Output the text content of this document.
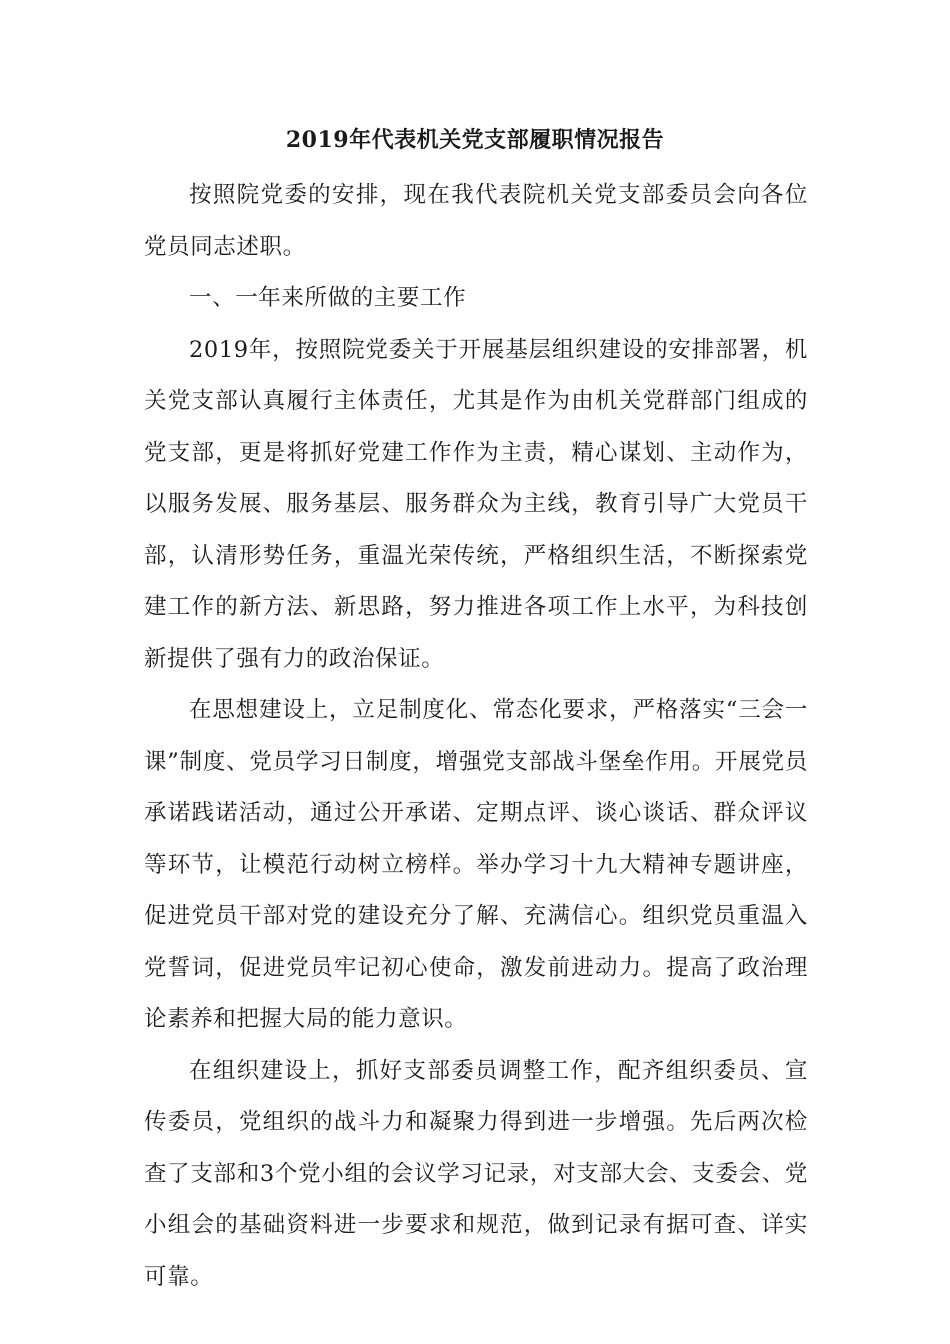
2019年代表机关党支部履职情况报告

按照院党委的安排，现在我代表院机关党支部委员会向各位党员同志述职。

一、一年来所做的主要工作

2019年，按照院党委关于开展基层组织建设的安排部署，机关党支部认真履行主体责任，尤其是作为由机关党群部门组成的党支部，更是将抓好党建工作作为主责，精心谋划、主动作为，以服务发展、服务基层、服务群众为主线，教育引导广大党员干部，认清形势任务，重温光荣传统，严格组织生活，不断探索党建工作的新方法、新思路，努力推进各项工作上水平，为科技创新提供了强有力的政治保证。

在思想建设上，立足制度化、常态化要求，严格落实“三会一课”制度、党员学习日制度，增强党支部战斗堡垒作用。开展党员承诺践诺活动，通过公开承诺、定期点评、谈心谈话、群众评议等环节，让模范行动树立榜样。举办学习十九大精神专题讲座，促进党员干部对党的建设充分了解、充满信心。组织党员重温入党誓词，促进党员牢记初心使命，激发前进动力。提高了政治理论素养和把握大局的能力意识。

在组织建设上，抓好支部委员调整工作，配齐组织委员、宣传委员，党组织的战斗力和凝聚力得到进一步增强。先后两次检查了支部和3个党小组的会议学习记录，对支部大会、支委会、党小组会的基础资料进一步要求和规范，做到记录有据可查、详实可靠。
